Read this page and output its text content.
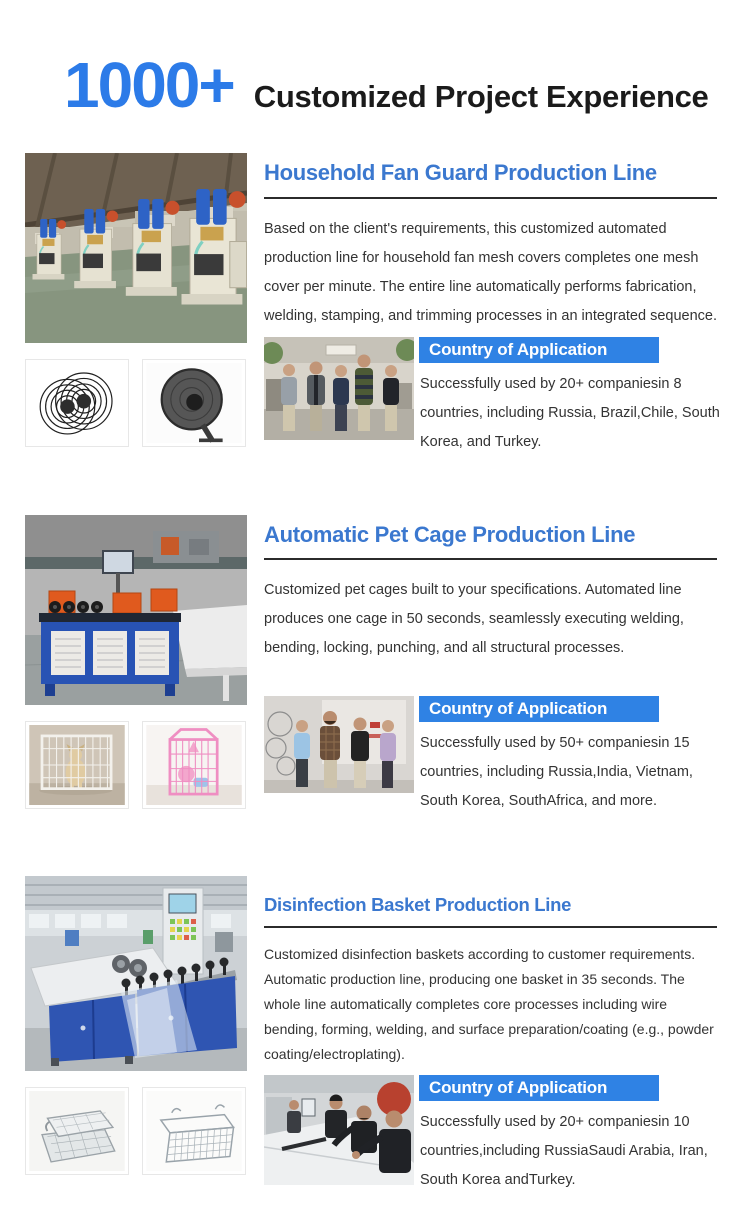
1000+ Customized Project Experience
Household Fan Guard Production Line

Based on the client's requirements, this customized automated production line for household fan mesh covers completes one mesh cover per minute. The entire line automatically performs fabrication, welding, stamping, and trimming processes in an integrated sequence.

Country of Application

Successfully used by 20+ companiesin 8 countries, including Russia, Brazil,Chile, South Korea, and Turkey.

Automatic Pet Cage Production Line

Customized pet cages built to your specifications. Automated line produces one cage in 50 seconds, seamlessly executing welding, bending, locking, punching, and all structural processes.

Country of Application

Successfully used by 50+ companiesin 15 countries, including Russia,India, Vietnam, South Korea, SouthAfrica, and more.

Disinfection Basket Production Line

Customized disinfection baskets according to customer requirements. Automatic production line, producing one basket in 35 seconds. The whole line automatically completes core processes including wire bending, forming, welding, and surface preparation/coating (e.g., powder coating/electroplating).

Country of Application

Successfully used by 20+ companiesin 10 countries,including RussiaSaudi Arabia, Iran, South Korea andTurkey.
